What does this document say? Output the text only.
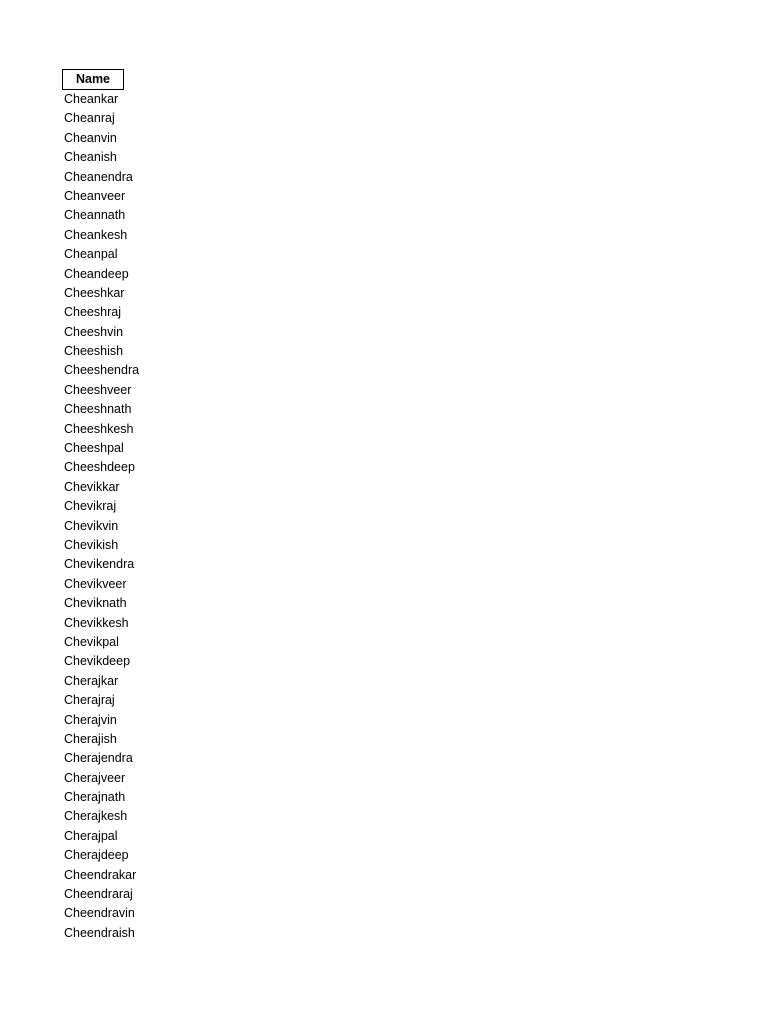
Name
Cheankar
Cheanraj
Cheanvin
Cheanish
Cheanendra
Cheanveer
Cheannath
Cheankesh
Cheanpal
Cheandeep
Cheeshkar
Cheeshraj
Cheeshvin
Cheeshish
Cheeshendra
Cheeshveer
Cheeshnath
Cheeshkesh
Cheeshpal
Cheeshdeep
Chevikkar
Chevikraj
Chevikvin
Chevikish
Chevikendra
Chevikveer
Cheviknath
Chevikkesh
Chevikpal
Chevikdeep
Cherajkar
Cherajraj
Cherajvin
Cherajish
Cherajendra
Cherajveer
Cherajnath
Cherajkesh
Cherajpal
Cherajdeep
Cheendrakar
Cheendraraj
Cheendravin
Cheendraish
